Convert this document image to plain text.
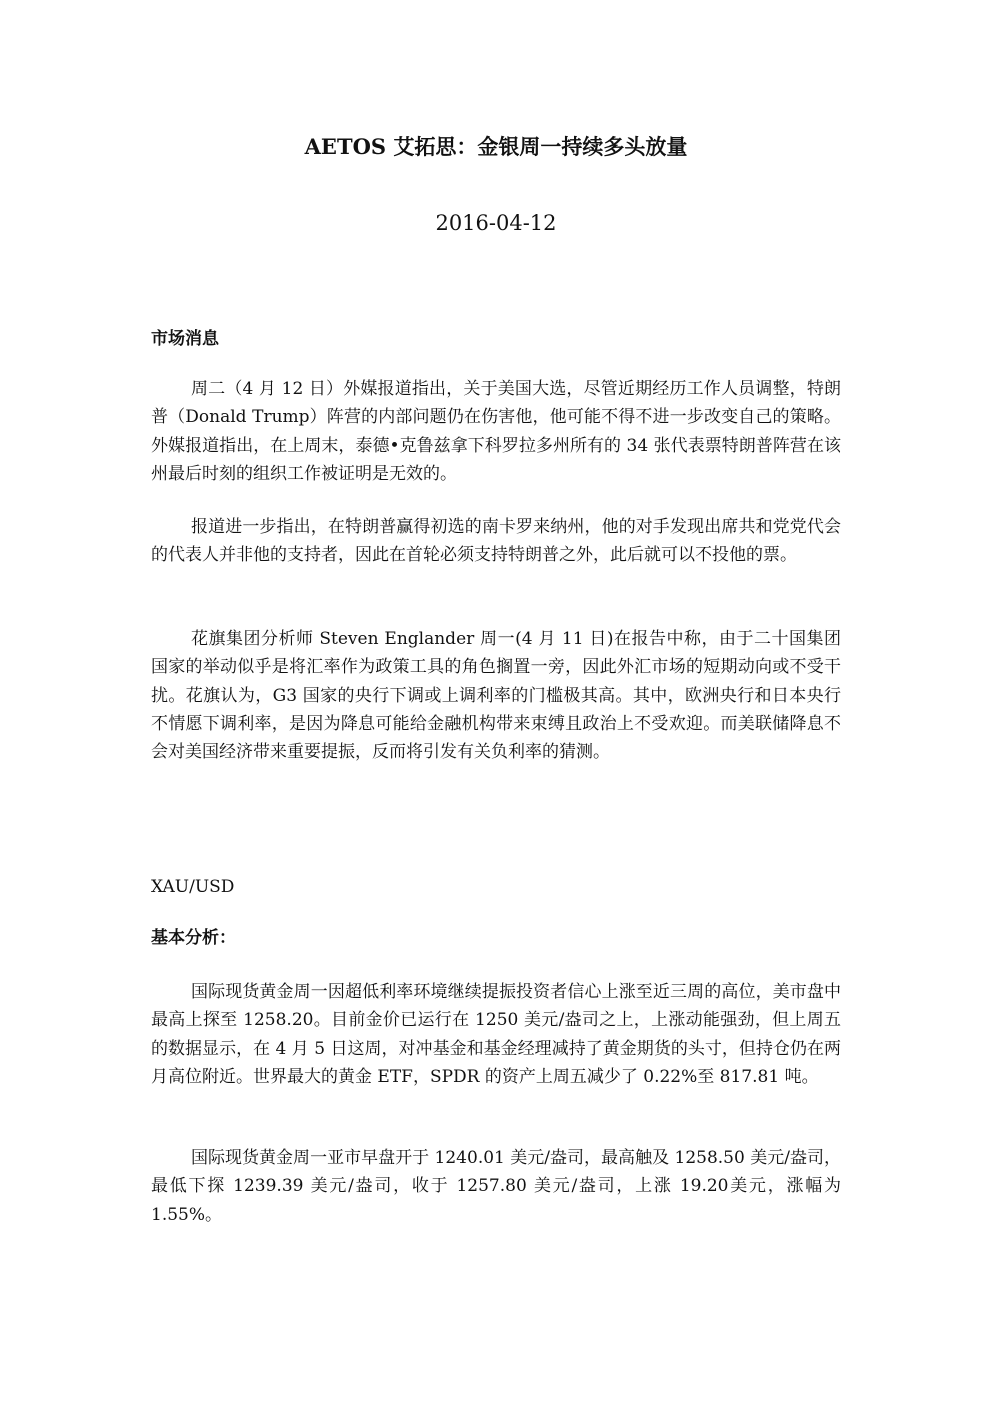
AETOS 艾拓思：金银周一持续多头放量
2016-04-12
市场消息

周二（4 月 12 日）外媒报道指出，关于美国大选，尽管近期经历工作人员调整，特朗普（Donald Trump）阵营的内部问题仍在伤害他，他可能不得不进一步改变自己的策略。外媒报道指出，在上周末，泰德•克鲁兹拿下科罗拉多州所有的 34 张代表票特朗普阵营在该州最后时刻的组织工作被证明是无效的。

报道进一步指出，在特朗普赢得初选的南卡罗来纳州，他的对手发现出席共和党党代会的代表人并非他的支持者，因此在首轮必须支持特朗普之外，此后就可以不投他的票。

花旗集团分析师 Steven Englander 周一(4 月 11 日)在报告中称，由于二十国集团国家的举动似乎是将汇率作为政策工具的角色搁置一旁，因此外汇市场的短期动向或不受干扰。花旗认为，G3 国家的央行下调或上调利率的门槛极其高。其中，欧洲央行和日本央行不情愿下调利率，是因为降息可能给金融机构带来束缚且政治上不受欢迎。而美联储降息不会对美国经济带来重要提振，反而将引发有关负利率的猜测。

XAU/USD
基本分析：

国际现货黄金周一因超低利率环境继续提振投资者信心上涨至近三周的高位，美市盘中最高上探至 1258.20。目前金价已运行在 1250 美元/盎司之上，上涨动能强劲，但上周五的数据显示，在 4 月 5 日这周，对冲基金和基金经理减持了黄金期货的头寸，但持仓仍在两月高位附近。世界最大的黄金 ETF，SPDR 的资产上周五减少了 0.22%至 817.81 吨。

国际现货黄金周一亚市早盘开于 1240.01 美元/盎司，最高触及 1258.50 美元/盎司，最低下探 1239.39 美元/盎司，收于 1257.80 美元/盎司，上涨 19.20美元，涨幅为 1.55%。
